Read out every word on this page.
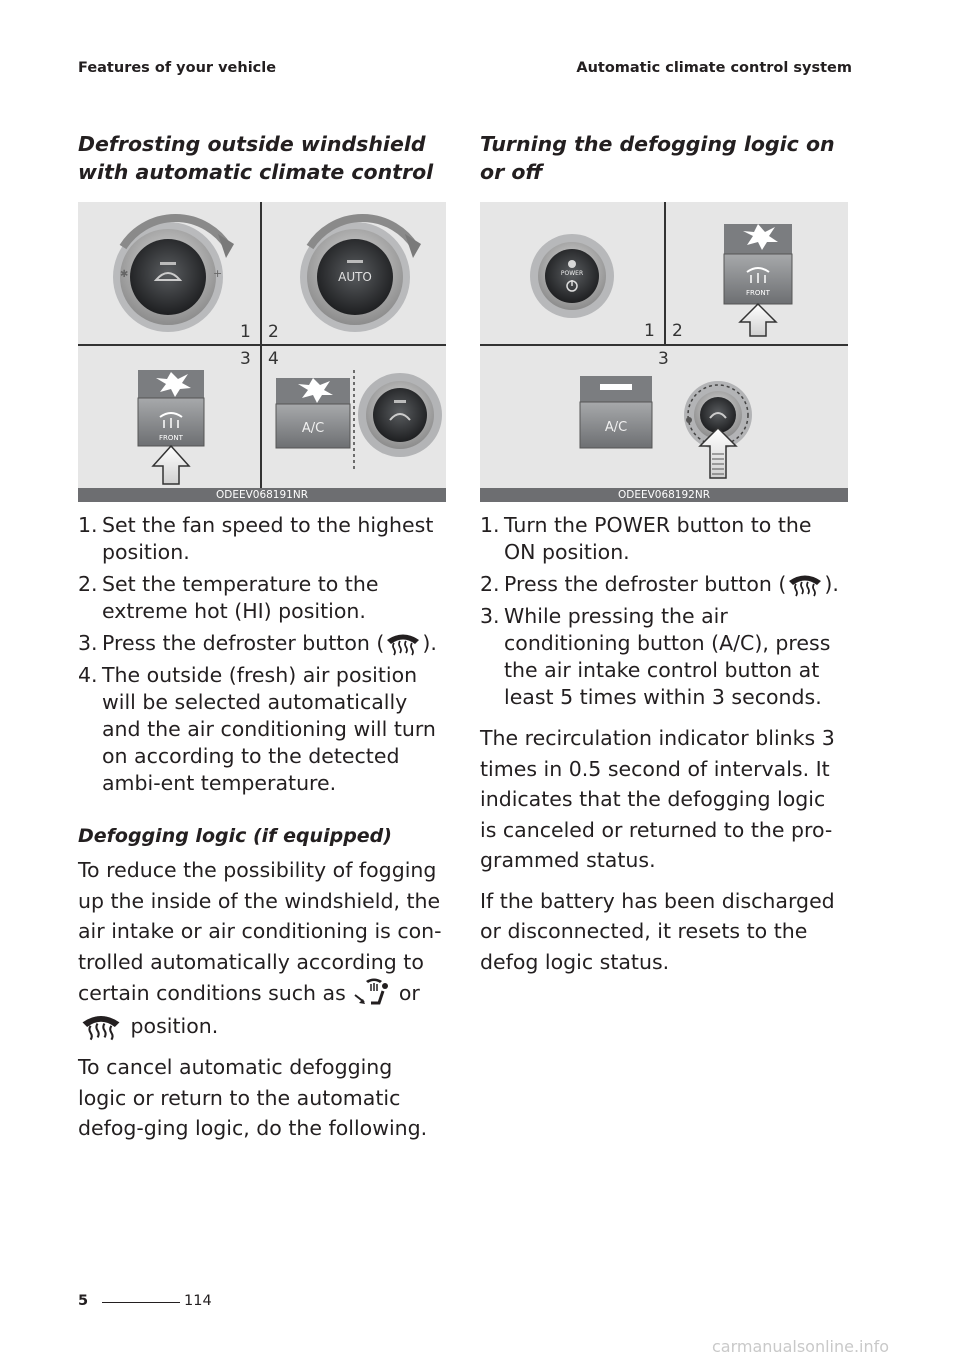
Features of your vehicle	Automatic climate control system
Defrosting outside windshield with automatic climate control
✱	+
1 2
AUTO
3 4
FRONT
A/C
ODEEV068191NR
1. Set the fan speed to the highest position.
2. Set the temperature to the extreme hot (HI) position.
3. Press the defroster button ( ).
4. The outside (fresh) air position will be selected automatically and the air conditioning will turn on according to the detected ambi-ent temperature.
Defogging logic (if equipped)

To reduce the possibility of fogging up the inside of the windshield, the air intake or air conditioning is con-trolled automatically according to certain conditions such as	or  position.

To cancel automatic defogging logic or return to the automatic defog-ging logic, do the following.

Turning the defogging logic on or off
POWER
FRONT
1 2
3
A/C
ODEEV068192NR
1. Turn the POWER button to the ON position.
2. Press the defroster button ( ).
3. While pressing the air conditioning button (A/C), press the air intake control button at least 5 times within 3 seconds.

The recirculation indicator blinks 3 times in 0.5 second of intervals. It indicates that the defogging logic is canceled or returned to the pro-grammed status.

If the battery has been discharged or disconnected, it resets to the defog logic status.

5	114
carmanualsonline.info
